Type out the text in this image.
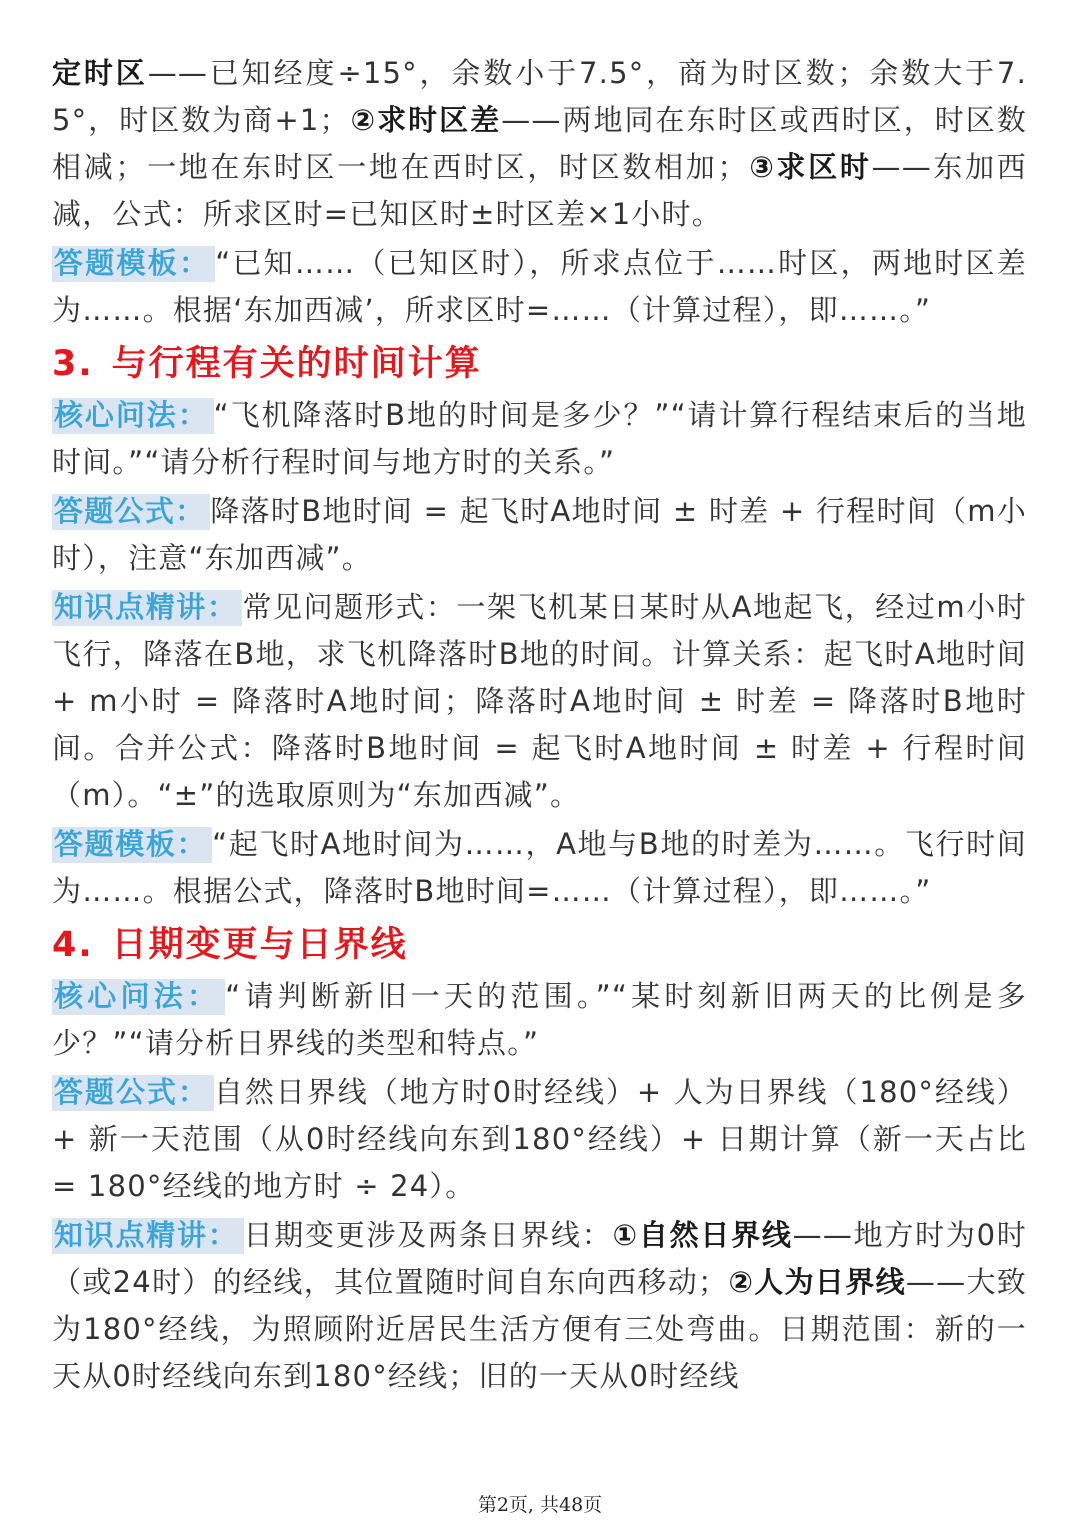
定时区——已知经度÷15°，余数小于7.5°，商为时区数；余数大于7.5°，时区数为商+1；②求时区差——两地同在东时区或西时区，时区数相减；一地在东时区一地在西时区，时区数相加；③求区时——东加西减，公式：所求区时=已知区时±时区差×1小时。

答题模板： “已知……（已知区时），所求点位于……时区，两地时区差为……。根据‘东加西减’，所求区时=……（计算过程），即……。”

3. 与行程有关的时间计算

核心问法： “飞机降落时B地的时间是多少？”“请计算行程结束后的当地时间。”“请分析行程时间与地方时的关系。”

答题公式： 降落时B地时间 = 起飞时A地时间 ± 时差 + 行程时间（m小时），注意“东加西减”。

知识点精讲： 常见问题形式：一架飞机某日某时从A地起飞，经过m小时飞行，降落在B地，求飞机降落时B地的时间。计算关系：起飞时A地时间 + m小时 = 降落时A地时间；降落时A地时间 ± 时差 = 降落时B地时间。合并公式：降落时B地时间 = 起飞时A地时间 ± 时差 + 行程时间（m）。“±”的选取原则为“东加西减”。

答题模板： “起飞时A地时间为……，A地与B地的时差为……。飞行时间为……。根据公式，降落时B地时间=……（计算过程），即……。”

4. 日期变更与日界线

核心问法： “请判断新旧一天的范围。”“某时刻新旧两天的比例是多少？”“请分析日界线的类型和特点。”

答题公式： 自然日界线（地方时0时经线）+ 人为日界线（180°经线）+ 新一天范围（从0时经线向东到180°经线）+ 日期计算（新一天占比 = 180°经线的地方时 ÷ 24）。

知识点精讲： 日期变更涉及两条日界线：①自然日界线——地方时为0时（或24时）的经线，其位置随时间自东向西移动；②人为日界线——大致为180°经线，为照顾附近居民生活方便有三处弯曲。日期范围：新的一天从0时经线向东到180°经线；旧的一天从0时经线

第2页, 共48页
